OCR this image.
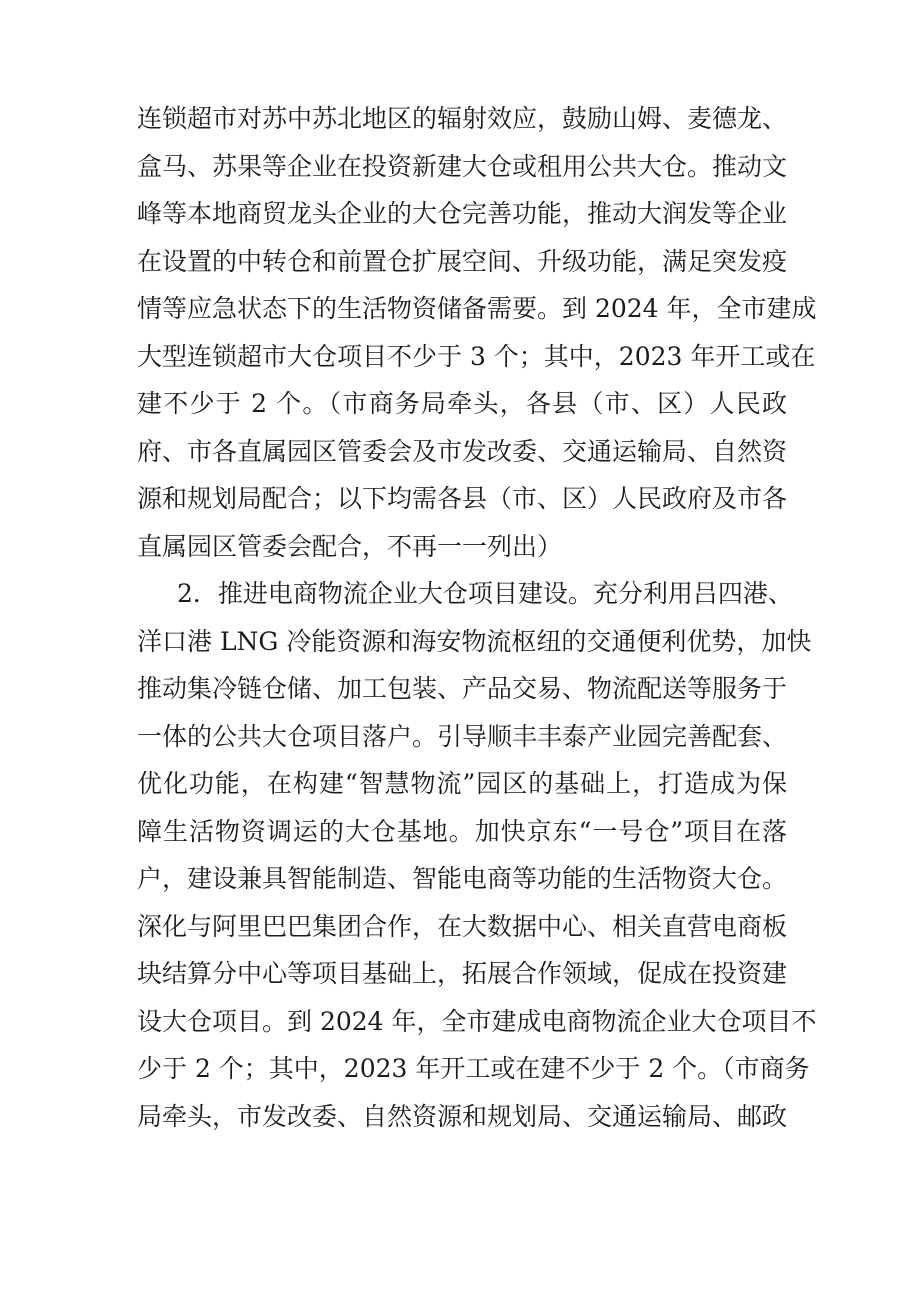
连锁超市对苏中苏北地区的辐射效应，鼓励山姆、麦德龙、
盒马、苏果等企业在投资新建大仓或租用公共大仓。推动文
峰等本地商贸龙头企业的大仓完善功能，推动大润发等企业
在设置的中转仓和前置仓扩展空间、升级功能，满足突发疫
情等应急状态下的生活物资储备需要。到 2024 年，全市建成
大型连锁超市大仓项目不少于 3 个；其中，2023 年开工或在
建不少于 2 个。（市商务局牵头，各县（市、区）人民政
府、市各直属园区管委会及市发改委、交通运输局、自然资
源和规划局配合；以下均需各县（市、区）人民政府及市各
直属园区管委会配合，不再一一列出）
2．推进电商物流企业大仓项目建设。充分利用吕四港、
洋口港 LNG 冷能资源和海安物流枢纽的交通便利优势，加快
推动集冷链仓储、加工包装、产品交易、物流配送等服务于
一体的公共大仓项目落户。引导顺丰丰泰产业园完善配套、
优化功能，在构建“智慧物流”园区的基础上，打造成为保
障生活物资调运的大仓基地。加快京东“一号仓”项目在落
户，建设兼具智能制造、智能电商等功能的生活物资大仓。
深化与阿里巴巴集团合作，在大数据中心、相关直营电商板
块结算分中心等项目基础上，拓展合作领域，促成在投资建
设大仓项目。到 2024 年，全市建成电商物流企业大仓项目不
少于 2 个；其中，2023 年开工或在建不少于 2 个。（市商务
局牵头，市发改委、自然资源和规划局、交通运输局、邮政
